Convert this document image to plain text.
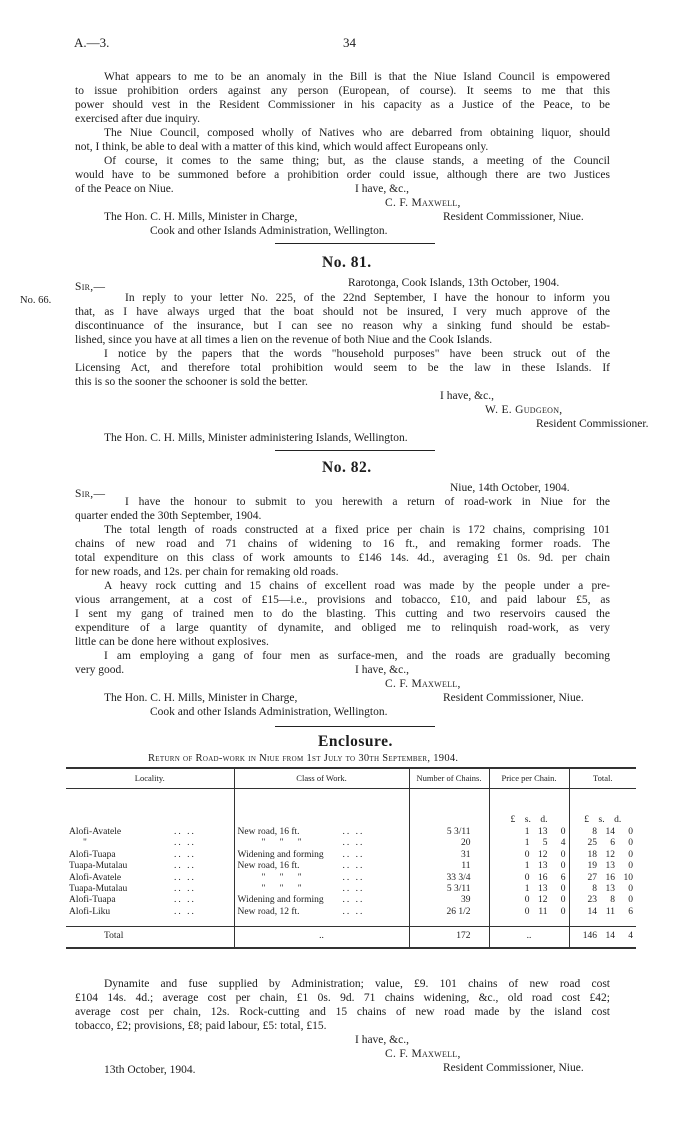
A.—3.	34
What appears to me to be an anomaly in the Bill is that the Niue Island Council is empowered
to issue prohibition orders against any person (European, of course). It seems to me that this
power should vest in the Resident Commissioner in his capacity as a Justice of the Peace, to be
exercised after due inquiry.
The Niue Council, composed wholly of Natives who are debarred from obtaining liquor, should
not, I think, be able to deal with a matter of this kind, which would affect Europeans only.
Of course, it comes to the same thing; but, as the clause stands, a meeting of the Council
would have to be summoned before a prohibition order could issue, although there are two Justices
of the Peace on Niue.	I have, &c.,
C. F. Maxwell,
The Hon. C. H. Mills, Minister in Charge,	Resident Commissioner, Niue.
Cook and other Islands Administration, Wellington.
No. 81.
Sir,—	Rarotonga, Cook Islands, 13th October, 1904.
No. 66.	In reply to your letter No. 225, of the 22nd September, I have the honour to inform you
that, as I have always urged that the boat should not be insured, I very much approve of the
discontinuance of the insurance, but I can see no reason why a sinking fund should be estab-
lished, since you have at all times a lien on the revenue of both Niue and the Cook Islands.
I notice by the papers that the words "household purposes" have been struck out of the
Licensing Act, and therefore total prohibition would seem to be the law in these Islands. If
this is so the sooner the schooner is sold the better.
I have, &c.,
W. E. Gudgeon,
Resident Commissioner.
The Hon. C. H. Mills, Minister administering Islands, Wellington.
No. 82.
Sir,—	Niue, 14th October, 1904.
I have the honour to submit to you herewith a return of road-work in Niue for the
quarter ended the 30th September, 1904.
The total length of roads constructed at a fixed price per chain is 172 chains, comprising 101
chains of new road and 71 chains of widening to 16 ft., and remaking former roads. The
total expenditure on this class of work amounts to £146 14s. 4d., averaging £1 0s. 9d. per chain
for new roads, and 12s. per chain for remaking old roads.
A heavy rock cutting and 15 chains of excellent road was made by the people under a pre-
vious arrangement, at a cost of £15—i.e., provisions and tobacco, £10, and paid labour £5, as
I sent my gang of trained men to do the blasting. This cutting and two reservoirs caused the
expenditure of a large quantity of dynamite, and obliged me to relinquish road-work, as very
little can be done here without explosives.
I am employing a gang of four men as surface-men, and the roads are gradually becoming
very good.	I have, &c.,
C. F. Maxwell,
The Hon. C. H. Mills, Minister in Charge,	Resident Commissioner, Niue.
Cook and other Islands Administration, Wellington.
Enclosure.
Return of Road-work in Niue from 1st July to 30th September, 1904.
Locality.	Class of Work.	Number of Chains.	Price per Chain.	Total.
			£ s. d.	£ s. d.
Alofi-Avatele .. ..	New road, 16 ft. .. ..	5 3/11	1 13 0	8 14 0

" .. ..	"      "      " .. ..	20	1 5 4	25 6 0

Alofi-Tuapa .. ..	Widening and forming .. ..	31	0 12 0	18 12 0

Tuapa-Mutalau .. ..	New road, 16 ft. .. ..	11	1 13 0	19 13 0

Alofi-Avatele .. ..	"      "      " .. ..	33 3/4	0 16 6	27 16 10

Tuapa-Mutalau .. ..	"      "      " .. ..	5 3/11	1 13 0	8 13 0

Alofi-Tuapa .. ..	Widening and forming .. ..	39	0 12 0	23 8 0

Alofi-Liku .. ..	New road, 12 ft. .. ..	26 1/2	0 11 0	14 11 6

Total	..	172	..	146 14 4
Dynamite and fuse supplied by Administration; value, £9. 101 chains of new road cost
£104 14s. 4d.; average cost per chain, £1 0s. 9d. 71 chains widening, &c., old road cost £42;
average cost per chain, 12s. Rock-cutting and 15 chains of new road made by the island cost
tobacco, £2; provisions, £8; paid labour, £5: total, £15.
I have, &c.,
C. F. Maxwell,
13th October, 1904.	Resident Commissioner, Niue.
